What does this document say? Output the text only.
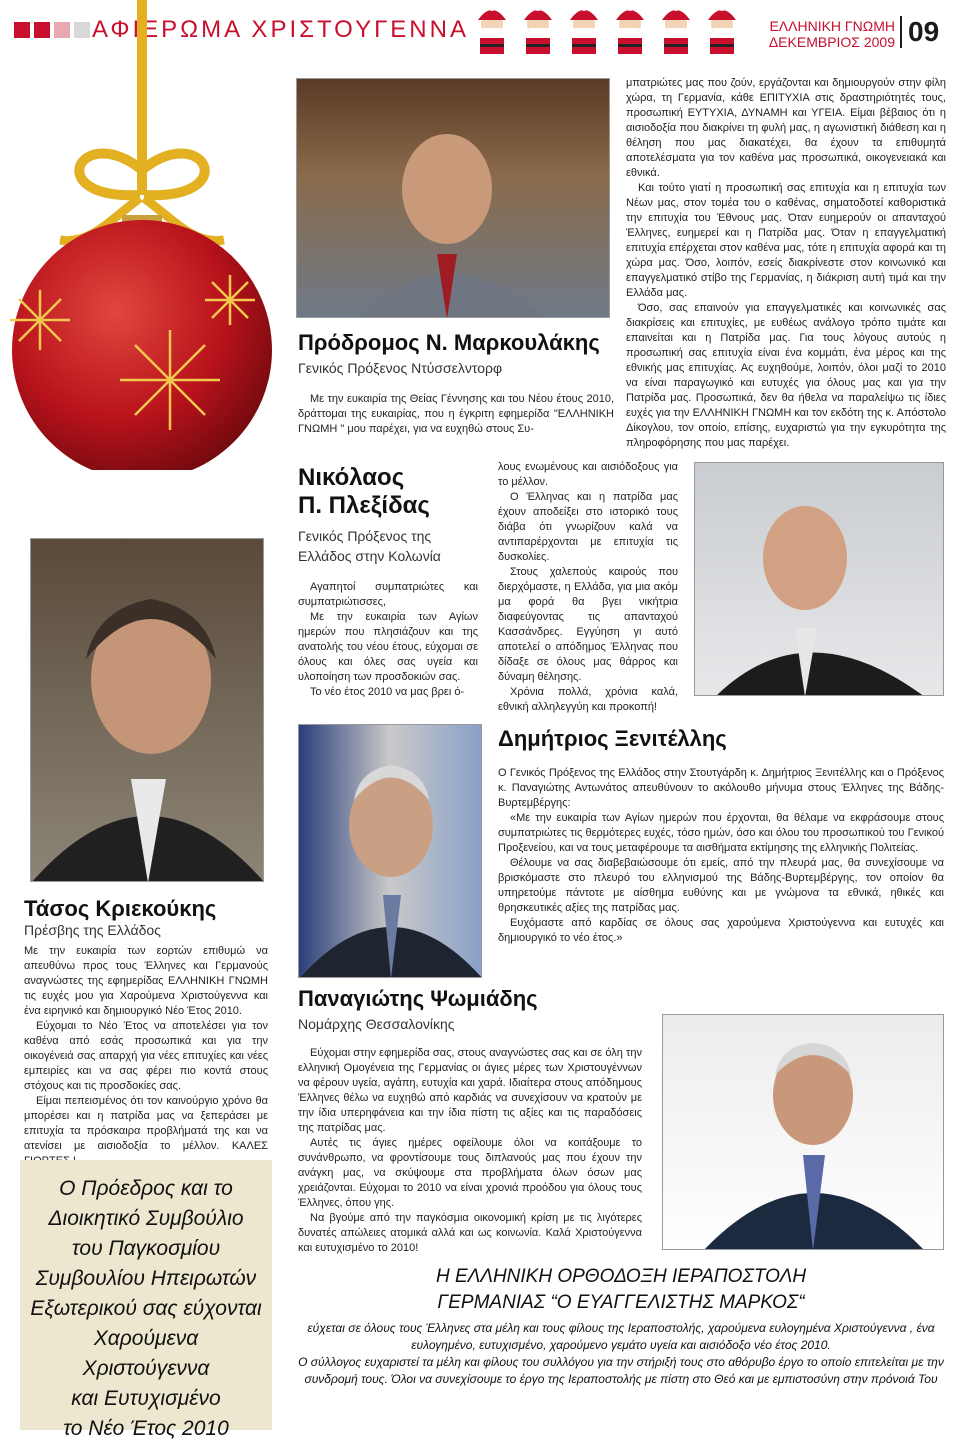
ΑΦΙΕΡΩΜΑ ΧΡΙΣΤΟΥΓΕΝΝΑ	ΕΛΛΗΝΙΚΗ ΓΝΩΜΗ
ΔΕΚΕΜΒΡΙΟΣ 2009 09
Πρόδρομος Ν. Μαρκουλάκης
Γενικός Πρόξενος Ντύσσελντορφ

Με την ευκαιρία της Θείας Γέννησης και του Νέου έτους 2010, δράττομαι της ευκαιρίας, που η έγκριτη εφημερίδα "ΕΛΛΗΝΙΚΗ ΓΝΩΜΗ " μου παρέχει, για να ευχηθώ στους Συ-

μπατριώτες μας που ζούν, εργάζονται και δημιουργούν στην φίλη χώρα, τη Γερμανία, κάθε ΕΠΙΤΥΧΙΑ στις δραστηριότητές τους, προσωπική ΕΥΤΥΧΙΑ, ΔΥΝΑΜΗ και ΥΓΕΙΑ. Είμαι βέβαιος ότι η αισιοδοξία που διακρίνει τη φυλή μας, η αγωνιστική διάθεση και η θέληση που μας διακατέχει, θα έχουν τα επιθυμητά αποτελέσματα για τον καθένα μας προσωπικά, οικογενειακά και εθνικά.

Και τούτο γιατί η προσωπική σας επιτυχία και η επιτυχία των Νέων μας, στον τομέα του ο καθένας, σηματοδοτεί καθοριστικά την επιτυχία του Έθνους μας. Όταν ευημερούν οι απανταχού Έλληνες, ευημερεί και η Πατρίδα μας. Όταν η επαγγελματική επιτυχία επέρχεται στον καθένα μας, τότε η επιτυχία αφορά και τη χώρα μας. Όσο, λοιπόν, εσείς διακρίνεστε στον κοινωνικό και επαγγελματικό στίβο της Γερμανίας, η διάκριση αυτή τιμά και την Ελλάδα μας.

Όσο, σας επαινούν για επαγγελματικές και κοινωνικές σας διακρίσεις και επιτυχίες, με ευθέως ανάλογο τρόπο τιμάτε και επαινείται και η Πατρίδα μας. Για τους λόγους αυτούς η προσωπική σας επιτυχία είναι ένα κομμάτι, ένα μέρος και της εθνικής μας επιτυχίας. Ας ευχηθούμε, λοιπόν, όλοι μαζί το 2010 να είναι παραγωγικό και ευτυχές για όλους μας και για την Πατρίδα μας. Προσωπικά, δεν θα ήθελα να παραλείψω τις ίδιες ευχές για την ΕΛΛΗΝΙΚΗ ΓΝΩΜΗ και τον εκδότη της κ. Απόστολο Δίκογλου, τον οποίο, επίσης, ευχαριστώ για την εγκυρότητα της πληροφόρησης που μας παρέχει.

Νικόλαος
Π. Πλεξίδας
Γενικός Πρόξενος της
Ελλάδος στην Κολωνία

Αγαπητοί συμπατριώτες και συμπατριώτισσες,

Με την ευκαιρία των Αγίων ημερών που πλησιάζουν και της ανατολής του νέου έτους, εύχομαι σε όλους και όλες σας υγεία και υλοποίηση των προσδοκιών σας.

Το νέο έτος 2010 να μας βρει ό-

λους ενωμένους και αισιόδοξους για το μέλλον.

Ο Έλληνας και η πατρίδα μας έχουν αποδείξει στο ιστορικό τους διάβα ότι γνωρίζουν καλά να αντιπαρέρχονται με επιτυχία τις δυσκολίες.

Στους χαλεπούς καιρούς που διερχόμαστε, η Ελλάδα, για μια ακόμ μα φορά θα βγει νικήτρια διαφεύγοντας τις απανταχού Κασσάνδρες. Εγγύηση γι αυτό αποτελεί ο απόδημος Έλληνας που δίδαξε σε όλους μας θάρρος και δύναμη θέλησης.

Χρόνια πολλά, χρόνια καλά, εθνική αλληλεγγύη και προκοπή!

Τάσος Κριεκούκης
Πρέσβης της Ελλάδος

Με την ευκαιρία των εορτών επιθυμώ να απευθύνω προς τους Έλληνες και Γερμανούς αναγνώστες της εφημερίδας ΕΛΛΗΝΙΚΗ ΓΝΩΜΗ τις ευχές μου για Χαρούμενα Χριστούγεννα και ένα ειρηνικό και δημιουργικό Νέο Έτος 2010.

Εύχομαι το Νέο Έτος να αποτελέσει για τον καθένα από εσάς προσωπικά και για την οικογένειά σας απαρχή για νέες επιτυχίες και νέες εμπειρίες και να σας φέρει πιο κοντά στους στόχους και τις προσδοκίες σας.

Είμαι πεπεισμένος ότι τον καινούργιο χρόνο θα μπορέσει και η πατρίδα μας να ξεπεράσει με επιτυχία τα πρόσκαιρα προβλήματά της και να ατενίσει με αισιοδοξία το μέλλον. ΚΑΛΕΣ

Ο Πρόεδρος και το
Διοικητικό Συμβούλιο
του Παγκοσμίου
Συμβουλίου Ηπειρωτών
Εξωτερικού σας εύχονται
Χαρούμενα Χριστούγεννα
και Ευτυχισμένο
το Νέο Έτος 2010
Δημήτριος Ξενιτέλλης

Ο Γενικός Πρόξενος της Ελλάδος στην Στουτγάρδη κ. Δημήτριος Ξενιτέλλης και ο Πρόξενος κ. Παναγιώτης Αντωνάτος απευθύνουν το ακόλουθο μήνυμα στους Έλληνες της Βάδης-Βυρτεμβέργης:

«Με την ευκαιρία των Αγίων ημερών που έρχονται, θα θέλαμε να εκφράσουμε στους συμπατριώτες τις θερμότερες ευχές, τόσο ημών, όσο και όλου του προσωπικού του Γενικού Προξενείου, και να τους μεταφέρουμε τα αισθήματα εκτίμησης της ελληνικής Πολιτείας.

Θέλουμε να σας διαβεβαιώσουμε ότι εμείς, από την πλευρά μας, θα συνεχίσουμε να βρισκόμαστε στο πλευρό του ελληνισμού της Βάδης-Βυρτεμβέργης, τον οποίον θα υπηρετούμε πάντοτε με αίσθημα ευθύνης και με γνώμονα τα εθνικά, ηθικές και θρησκευτικές αξίες της πατρίδας μας.

Ευχόμαστε από καρδίας σε όλους σας χαρούμενα Χριστούγεννα και ευτυχές και δημιουργικό το νέο έτος.»

Παναγιώτης Ψωμιάδης
Νομάρχης Θεσσαλονίκης

Εύχομαι στην εφημερίδα σας, στους αναγνώστες σας και σε όλη την ελληνική Ομογένεια της Γερμανίας οι άγιες μέρες των Χριστουγέννων να φέρουν υγεία, αγάπη, ευτυχία και χαρά. Ιδιαίτερα στους απόδημους Έλληνες θέλω να ευχηθώ από καρδιάς να συνεχίσουν να κρατούν με την ίδια υπερηφάνεια και την ίδια πίστη τις αξίες και τις παραδόσεις της πατρίδας μας.

Αυτές τις άγιες ημέρες οφείλουμε όλοι να κοιτάξουμε το συνάνθρωπο, να φροντίσουμε τους διπλανούς μας που έχουν την ανάγκη μας, να σκύψουμε στα προβλήματα όλων όσων μας χρειάζονται. Εύχομαι το 2010 να είναι χρονιά προόδου για όλους τους Έλληνες, όπου γης.

Να βγούμε από την παγκόσμια οικονομική κρίση με τις λιγότερες δυνατές απώλειες ατομικά αλλά και ως κοινωνία. Καλά Χριστούγεννα και ευτυχισμένο το 2010!

Η ΕΛΛΗΝΙΚΗ ΟΡΘΟΔΟΞΗ ΙΕΡΑΠΟΣΤΟΛΗ
ΓΕΡΜΑΝΙΑΣ “Ο ΕΥΑΓΓΕΛΙΣΤΗΣ ΜΑΡΚΟΣ“
εύχεται σε όλους τους Έλληνες στα μέλη και τους φίλους της Ιεραποστολής, χαρούμενα ευλογημένα Χριστούγεννα , ένα ευλογημένο, ευτυχισμένο, χαρούμενο γεμάτο υγεία και αισιόδοξο νέο έτος 2010.
Ο σύλλογος ευχαριστεί τα μέλη και φίλους του συλλόγου για την στήριξή τους στο αθόρυβο έργο το οποίο επιτελείται με την συνδρομή τους. Όλοι να συνεχίσουμε το έργο της Ιεραποστολής με πίστη στο Θεό και με εμπιστοσύνη στην πρόνοιά Του
